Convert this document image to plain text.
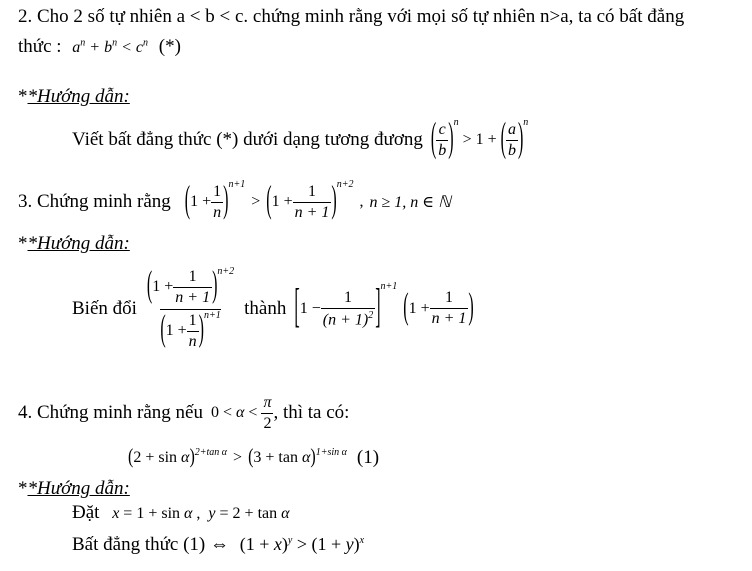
2. Cho 2 số tự nhiên a < b < c. chứng minh rằng với mọi số tự nhiên n>a, ta có bất đẳng
thức : $a^n + b^n < c^n$ (*)
**Hướng dẫn:
Viết bất đẳng thức (*) dưới dạng tương đương ( $\frac{c}{b} )^n$
> 1 + ( $\frac{a}{b} )^n$
3. Chứng minh rằng ( $1 + \frac{1}{n} )^{n+1}$
> ( $1 + \frac{1}{n + 1} )^{n+2}$
, n ≥ 1, n ∈ ℕ
**Hướng dẫn:
Biến đổi
( $1 + \frac{1}{n + 1} )^{n+2}$
( $1 + \frac{1}{n} )^{n+1}$ thành [ $1 - \frac{1}{(n + 1)^2} ]^{n+1}$
( $1 + \frac{1}{n + 1}$ )
4. Chứng minh rằng nếu $0 < \alpha < \frac{\pi}{2}$ , thì ta có:
( 2 + sin α )$^{2+tan \alpha}$ > ( 3 + tan α )$^{1+sin \alpha}$ (1)
**Hướng dẫn:
Đặt x = 1 + sin α ,  y = 2 + tan α
Bất đẳng thức (1) ⇔ $(1 + x)^y > (1 + y)^x$
